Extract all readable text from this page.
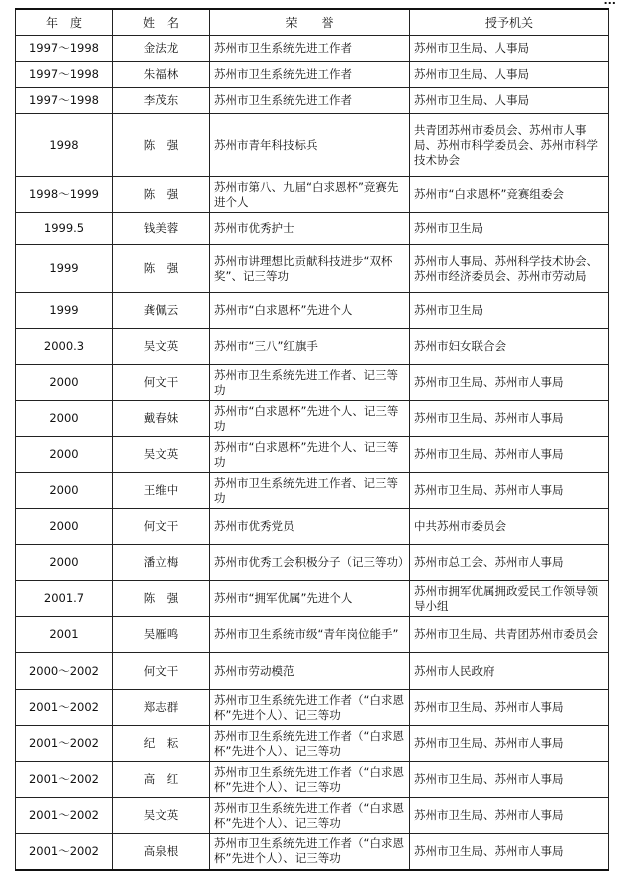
...
年　度	姓　名	荣　　誉	授予机关
1997～1998	金法龙	苏州市卫生系统先进工作者	苏州市卫生局、人事局
1997～1998	朱福林	苏州市卫生系统先进工作者	苏州市卫生局、人事局
1997～1998	李茂东	苏州市卫生系统先进工作者	苏州市卫生局、人事局
1998	陈　强	苏州市青年科技标兵	共青团苏州市委员会、苏州市人事局、苏州市科学委员会、苏州市科学技术协会
1998～1999	陈　强	苏州市第八、九届“白求恩杯”竞赛先进个人	苏州市“白求恩杯”竞赛组委会
1999.5	钱美蓉	苏州市优秀护士	苏州市卫生局
1999	陈　强	苏州市讲理想比贡献科技进步“双杯奖”、记三等功	苏州市人事局、苏州科学技术协会、苏州市经济委员会、苏州市劳动局
1999	龚佩云	苏州市“白求恩杯”先进个人	苏州市卫生局
2000.3	吴文英	苏州市“三八”红旗手	苏州市妇女联合会
2000	何文干	苏州市卫生系统先进工作者、记三等功	苏州市卫生局、苏州市人事局
2000	戴春妹	苏州市“白求恩杯”先进个人、记三等功	苏州市卫生局、苏州市人事局
2000	吴文英	苏州市“白求恩杯”先进个人、记三等功	苏州市卫生局、苏州市人事局
2000	王维中	苏州市卫生系统先进工作者、记三等功	苏州市卫生局、苏州市人事局
2000	何文干	苏州市优秀党员	中共苏州市委员会
2000	潘立梅	苏州市优秀工会积极分子（记三等功）	苏州市总工会、苏州市人事局
2001.7	陈　强	苏州市“拥军优属”先进个人	苏州市拥军优属拥政爱民工作领导领导小组
2001	吴雁鸣	苏州市卫生系统市级“青年岗位能手”	苏州市卫生局、共青团苏州市委员会
2000～2002	何文干	苏州市劳动模范	苏州市人民政府
2001～2002	郑志群	苏州市卫生系统先进工作者（“白求恩杯”先进个人）、记三等功	苏州市卫生局、苏州市人事局
2001～2002	纪　耘	苏州市卫生系统先进工作者（“白求恩杯”先进个人）、记三等功	苏州市卫生局、苏州市人事局
2001～2002	高　红	苏州市卫生系统先进工作者（“白求恩杯”先进个人）、记三等功	苏州市卫生局、苏州市人事局
2001～2002	吴文英	苏州市卫生系统先进工作者（“白求恩杯”先进个人）、记三等功	苏州市卫生局、苏州市人事局
2001～2002	高泉根	苏州市卫生系统先进工作者（“白求恩杯”先进个人）、记三等功	苏州市卫生局、苏州市人事局
